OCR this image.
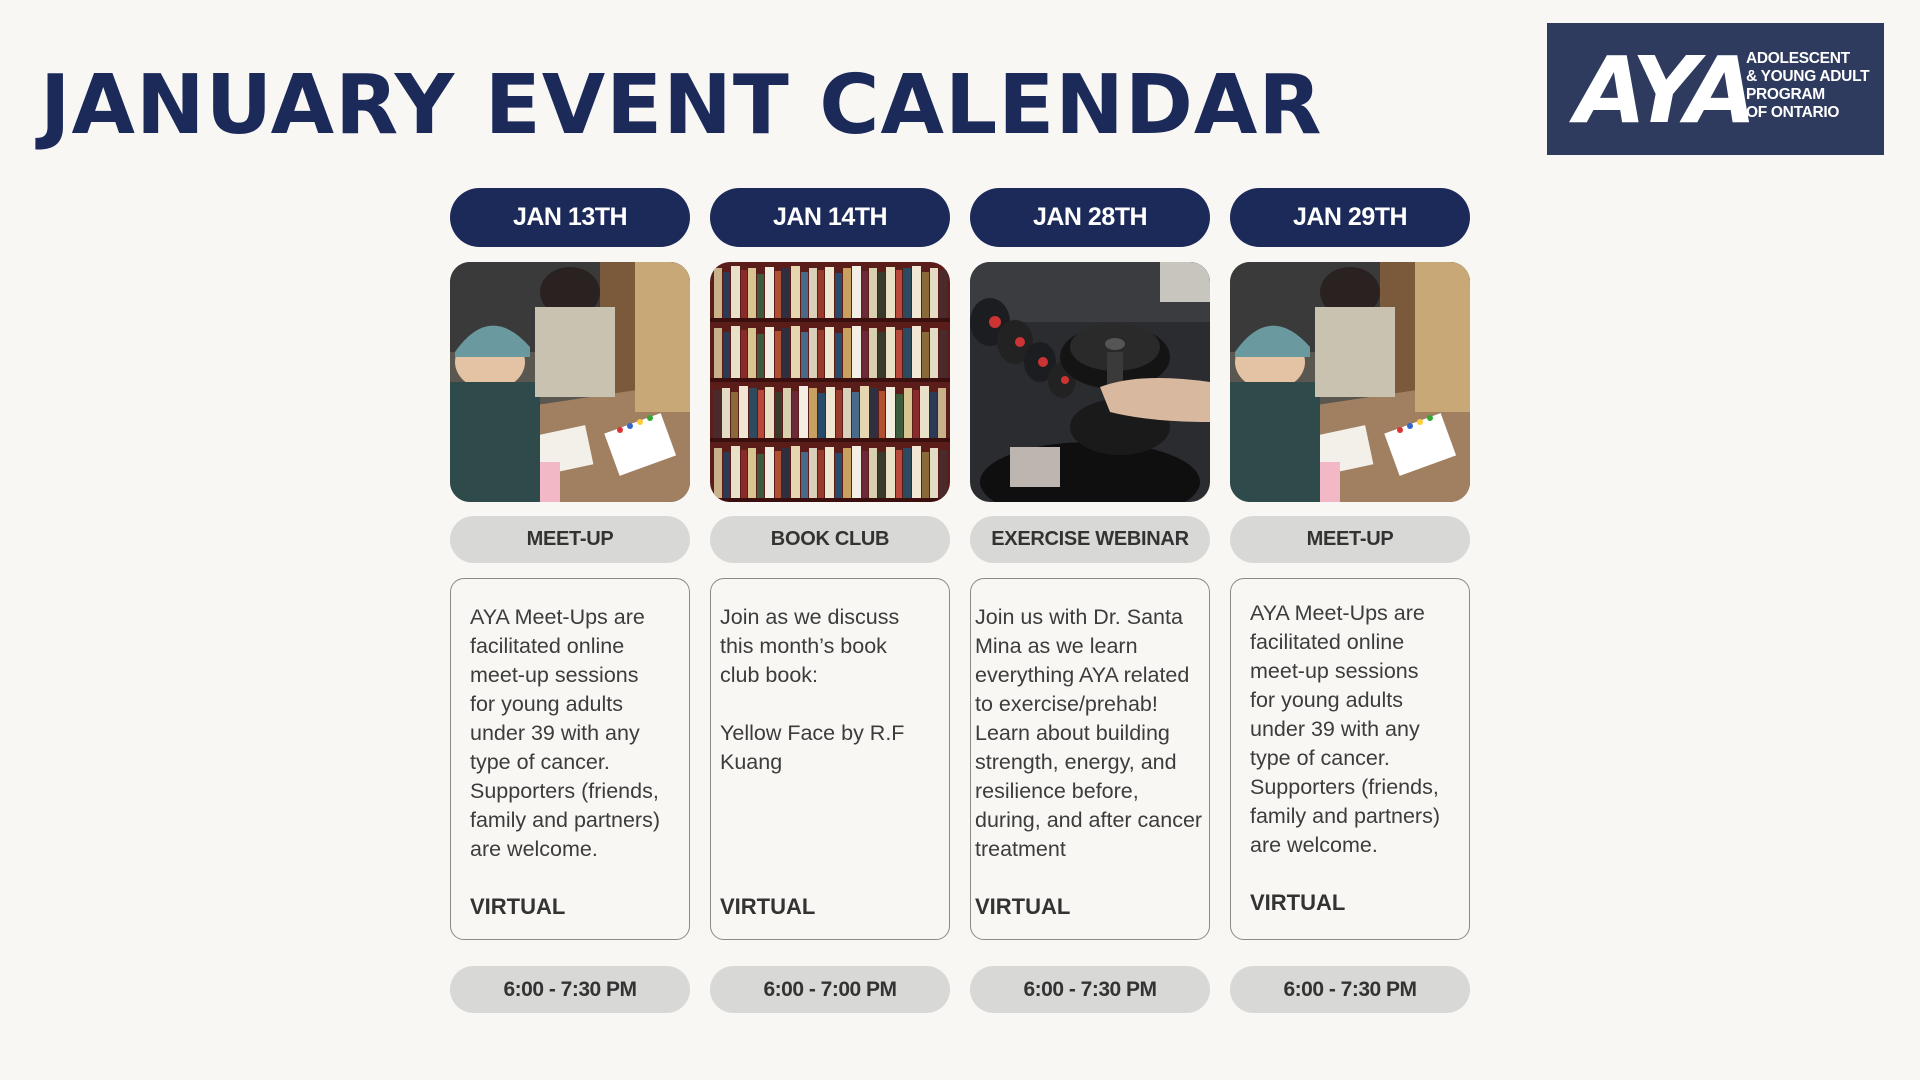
JANUARY EVENT CALENDAR	AYA
ADOLESCENT
& YOUNG ADULT
PROGRAM
OF ONTARIO
JAN 13TH
MEET-UP
AYA Meet-Ups are
facilitated online
meet-up sessions
for young adults
under 39 with any
type of cancer.
Supporters (friends,
family and partners)
are welcome.
VIRTUAL
6:00 - 7:30 PM
JAN 14TH
BOOK CLUB
Join as we discuss
this month’s book
club book:

Yellow Face by R.F
Kuang
VIRTUAL
6:00 - 7:00 PM
JAN 28TH
EXERCISE WEBINAR
Join us with Dr. Santa
Mina as we learn
everything AYA related
to exercise/prehab!
Learn about building
strength, energy, and
resilience before,
during, and after cancer
treatment
VIRTUAL
6:00 - 7:30 PM
JAN 29TH
MEET-UP
AYA Meet-Ups are
facilitated online
meet-up sessions
for young adults
under 39 with any
type of cancer.
Supporters (friends,
family and partners)
are welcome.
VIRTUAL
6:00 - 7:30 PM
